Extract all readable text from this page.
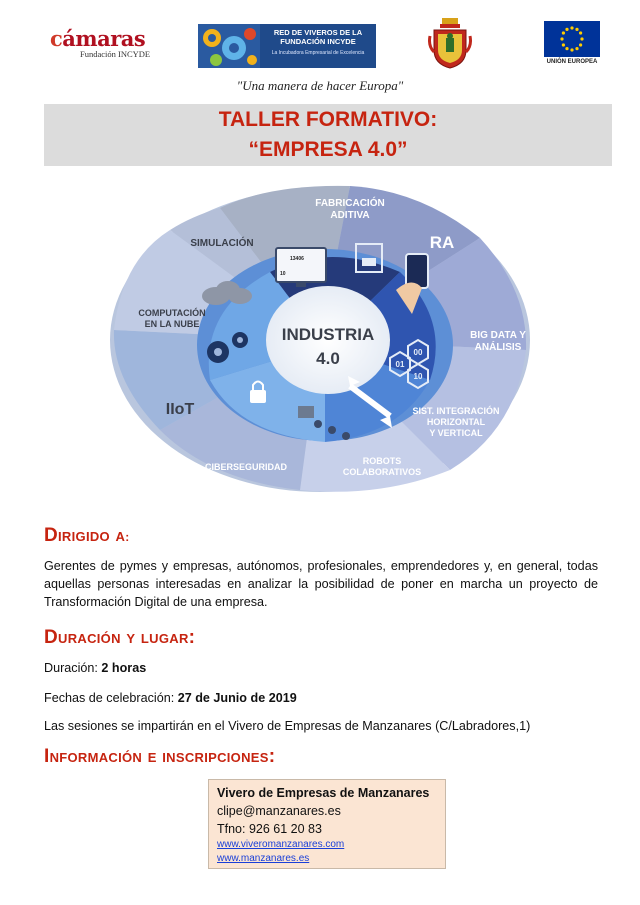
cámaras
Fundación INCYDE
RED DE VIVEROS DE LA FUNDACIÓN INCYDE
La Incubadora Empresarial de Excelencia
UNIÓN EUROPEA
"Una manera de hacer Europa"
TALLER FORMATIVO:
“EMPRESA 4.0”
INDUSTRIA
4.0
13406
10
00
01
10
FABRICACIÓN
ADITIVA
RA
BIG DATA Y
ANÁLISIS
SIST. INTEGRACIÓN
HORIZONTAL
Y VERTICAL
ROBOTS
COLABORATIVOS
CIBERSEGURIDAD
IIoT
COMPUTACIÓN
EN LA NUBE
SIMULACIÓN
Dirigido a:
Gerentes de pymes y empresas, autónomos, profesionales, emprendedores y, en general, todas aquellas personas interesadas en analizar la posibilidad de poner en marcha un proyecto de Transformación Digital de una empresa.
Duración y lugar:
Duración: 2 horas
Fechas de celebración: 27 de Junio de 2019
Las sesiones se impartirán en el Vivero de Empresas de Manzanares (C/Labradores,1)
Información e inscripciones:
Vivero de Empresas de Manzanares
clipe@manzanares.es
Tfno: 926 61 20 83
www.viveromanzanares.com
www.manzanares.es
